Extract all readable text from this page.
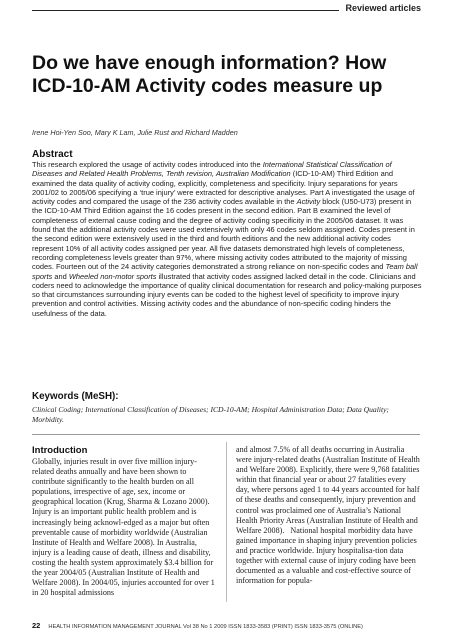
Reviewed articles
Do we have enough information? How ICD-10-AM Activity codes measure up
Irene Hoi-Yen Soo, Mary K Lam, Julie Rust and Richard Madden
Abstract
This research explored the usage of activity codes introduced into the International Statistical Classification of Diseases and Related Health Problems, Tenth revision, Australian Modification (ICD-10-AM) Third Edition and examined the data quality of activity coding, explicitly, completeness and specificity. Injury separations for years 2001/02 to 2005/06 specifying a ‘true injury’ were extracted for descriptive analyses. Part A investigated the usage of activity codes and compared the usage of the 236 activity codes available in the Activity block (U50-U73) present in the ICD-10-AM Third Edition against the 16 codes present in the second edition. Part B examined the level of completeness of external cause coding and the degree of activity coding specificity in the 2005/06 dataset. It was found that the additional activity codes were used extensively with only 46 codes seldom assigned. Codes present in the second edition were extensively used in the third and fourth editions and the new additional activity codes represent 10% of all activity codes assigned per year. All five datasets demonstrated high levels of completeness, recording completeness levels greater than 97%, where missing activity codes attributed to the majority of missing codes. Fourteen out of the 24 activity categories demonstrated a strong reliance on non-specific codes and Team ball sports and Wheeled non-motor sports illustrated that activity codes assigned lacked detail in the code. Clinicians and coders need to acknowledge the importance of quality clinical documentation for research and policy-making purposes so that circumstances surrounding injury events can be coded to the highest level of specificity to improve injury prevention and control activities. Missing activity codes and the abundance of non-specific coding hinders the usefulness of the data.
Keywords (MeSH):
Clinical Coding; International Classification of Diseases; ICD-10-AM; Hospital Administration Data; Data Quality; Morbidity.
Introduction

Globally, injuries result in over five million injury-related deaths annually and have been shown to contribute significantly to the health burden on all populations, irrespective of age, sex, income or geographical location (Krug, Sharma & Lozano 2000). Injury is an important public health problem and is increasingly being acknowl-edged as a major but often preventable cause of morbidity worldwide (Australian Institute of Health and Welfare 2008). In Australia, injury is a leading cause of death, illness and disability, costing the health system approximately $3.4 billion for the year 2004/05 (Australian Institute of Health and Welfare 2008). In 2004/05, injuries accounted for over 1 in 20 hospital admissions

and almost 7.5% of all deaths occurring in Australia were injury-related deaths (Australian Institute of Health and Welfare 2008). Explicitly, there were 9,768 fatalities within that financial year or about 27 fatalities every day, where persons aged 1 to 44 years accounted for half of these deaths and consequently, injury prevention and control was proclaimed one of Australia’s National Health Priority Areas (Australian Institute of Health and Welfare 2008).   National hospital morbidity data have gained importance in shaping injury prevention policies and practice worldwide. Injury hospitalisa-tion data together with external cause of injury coding have been documented as a valuable and cost-effective source of information for popula-

22 HEALTH INFORMATION MANAGEMENT JOURNAL Vol 38 No 1 2009 ISSN 1833-3583 (PRINT) ISSN 1833-3575 (ONLINE)
